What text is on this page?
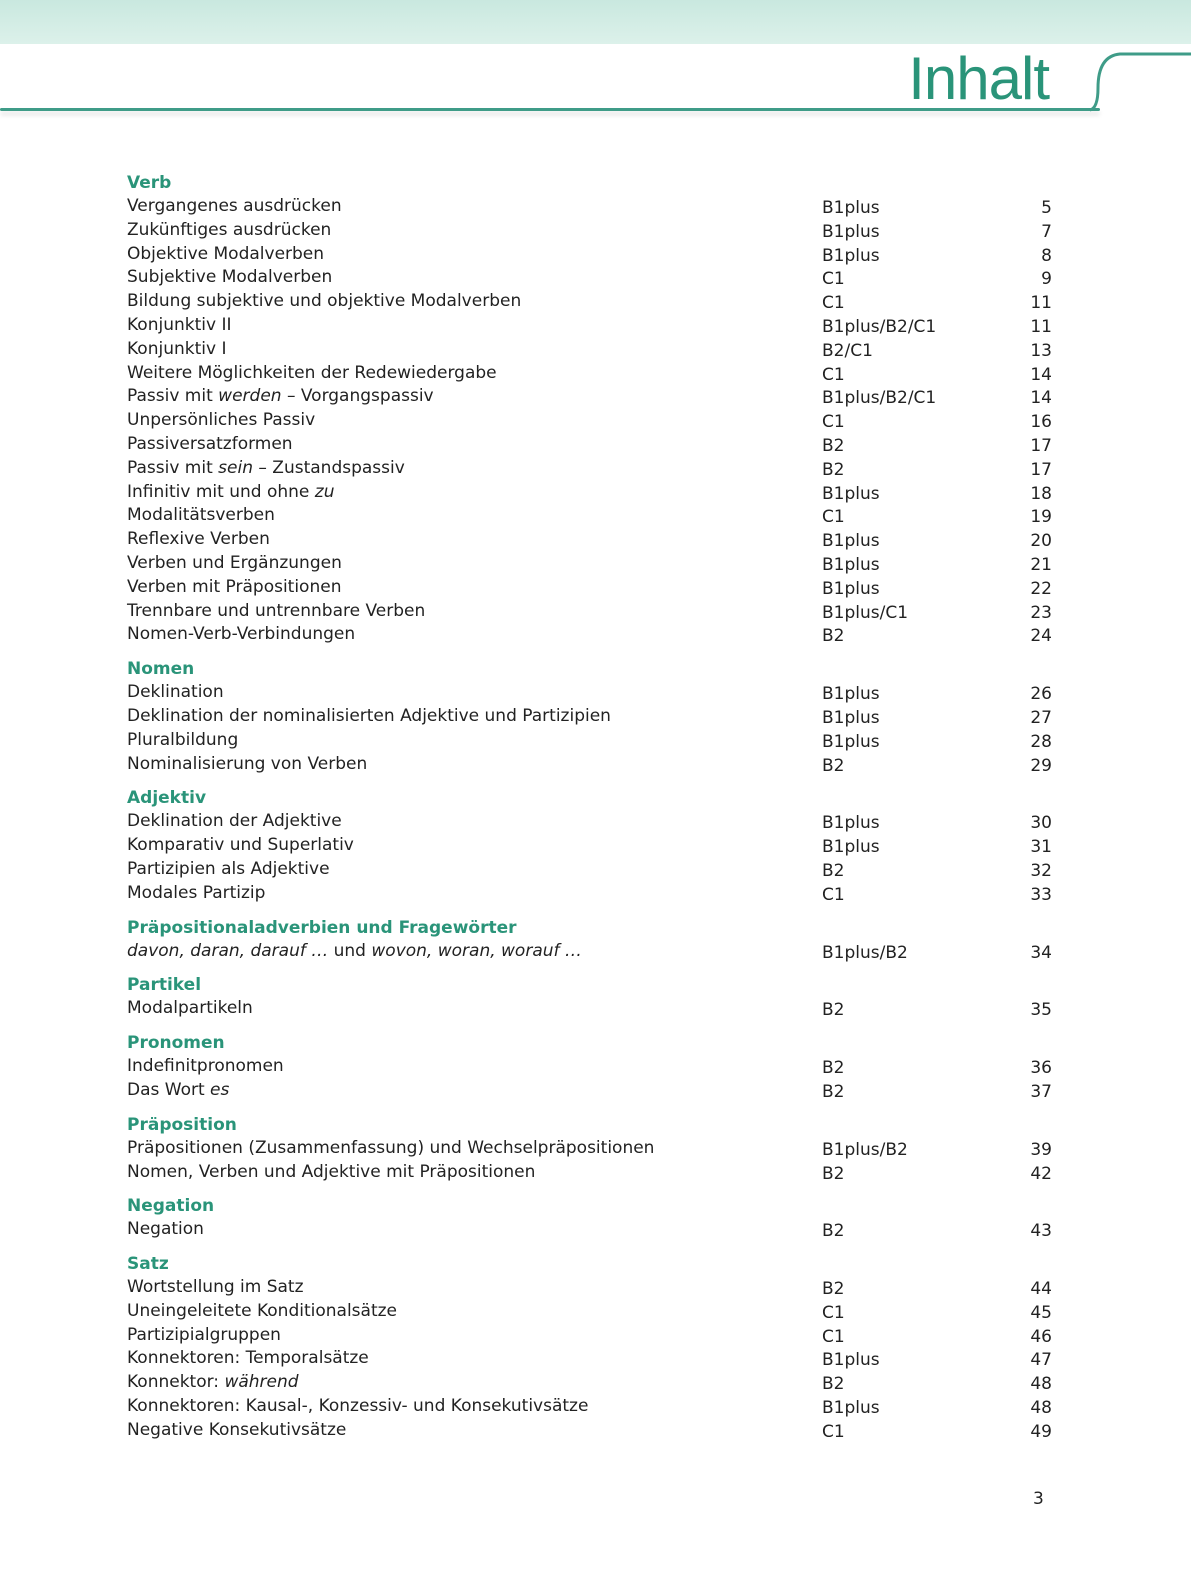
Inhalt
Verb
Vergangenes ausdrücken	B1plus	5
Zukünftiges ausdrücken	B1plus	7
Objektive Modalverben	B1plus	8
Subjektive Modalverben	C1	9
Bildung subjektive und objektive Modalverben	C1	11
Konjunktiv II	B1plus/B2/C1	11
Konjunktiv I	B2/C1	13
Weitere Möglichkeiten der Redewiedergabe	C1	14
Passiv mit werden – Vorgangspassiv	B1plus/B2/C1	14
Unpersönliches Passiv	C1	16
Passiversatzformen	B2	17
Passiv mit sein – Zustandspassiv	B2	17
Infinitiv mit und ohne zu	B1plus	18
Modalitätsverben	C1	19
Reflexive Verben	B1plus	20
Verben und Ergänzungen	B1plus	21
Verben mit Präpositionen	B1plus	22
Trennbare und untrennbare Verben	B1plus/C1	23
Nomen-Verb-Verbindungen	B2	24
Nomen
Deklination	B1plus	26
Deklination der nominalisierten Adjektive und Partizipien	B1plus	27
Pluralbildung	B1plus	28
Nominalisierung von Verben	B2	29
Adjektiv
Deklination der Adjektive	B1plus	30
Komparativ und Superlativ	B1plus	31
Partizipien als Adjektive	B2	32
Modales Partizip	C1	33
Präpositionaladverbien und Fragewörter
davon, daran, darauf … und wovon, woran, worauf …	B1plus/B2	34
Partikel
Modalpartikeln	B2	35
Pronomen
Indefinitpronomen	B2	36
Das Wort es	B2	37
Präposition
Präpositionen (Zusammenfassung) und Wechselpräpositionen	B1plus/B2	39
Nomen, Verben und Adjektive mit Präpositionen	B2	42
Negation
Negation	B2	43
Satz
Wortstellung im Satz	B2	44
Uneingeleitete Konditionalsätze	C1	45
Partizipialgruppen	C1	46
Konnektoren: Temporalsätze	B1plus	47
Konnektor: während	B2	48
Konnektoren: Kausal-, Konzessiv- und Konsekutivsätze	B1plus	48
Negative Konsekutivsätze	C1	49
3
